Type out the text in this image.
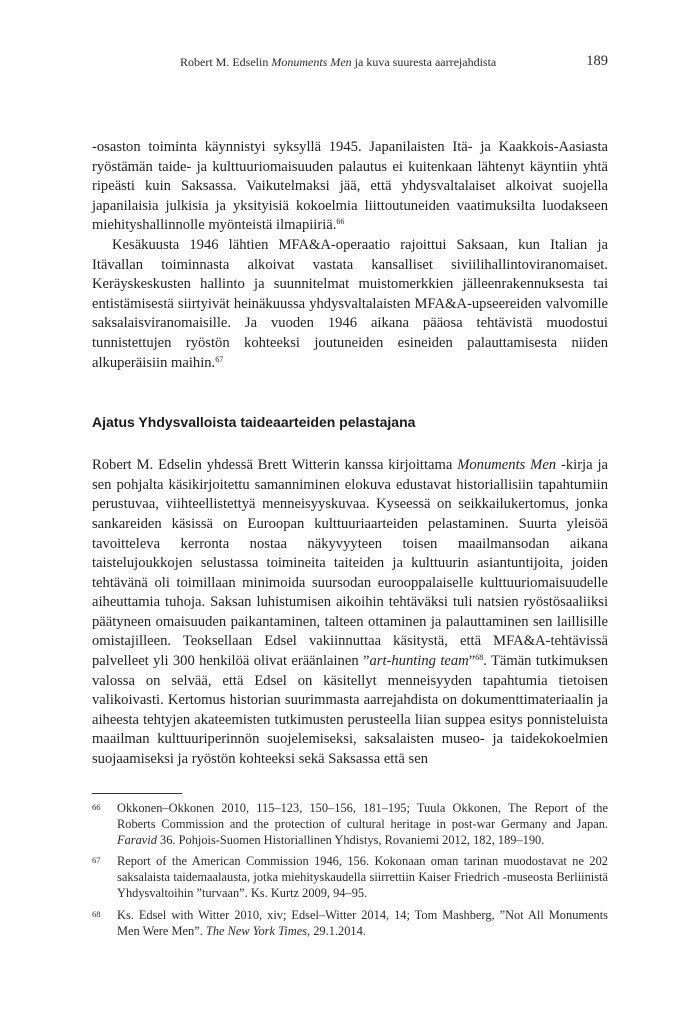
Robert M. Edselin Monuments Men ja kuva suuresta aarrejahdista	189

-osaston toiminta käynnistyi syksyllä 1945. Japanilaisten Itä- ja Kaakkois-Aasiasta ryöstämän taide- ja kulttuuriomaisuuden palautus ei kuitenkaan lähtenyt käyntiin yhtä ripeästi kuin Saksassa. Vaikutelmaksi jää, että yhdysvaltalaiset alkoivat suojella japanilaisia julkisia ja yksityisiä kokoelmia liittoutuneiden vaatimuksilta luodakseen miehityshallinnolle myönteistä ilmapiiriä.$^{66}$

Kesäkuusta 1946 lähtien MFA&A-operaatio rajoittui Saksaan, kun Italian ja Itävallan toiminnasta alkoivat vastata kansalliset siviilihallintoviranomaiset. Keräyskeskusten hallinto ja suunnitelmat muistomerkkien jälleenrakennuksesta tai entistämisestä siirtyivät heinäkuussa yhdysvaltalaisten MFA&A-upseereiden valvomille saksalaisviranomaisille. Ja vuoden 1946 aikana pääosa tehtävistä muodostui tunnistettujen ryöstön kohteeksi joutuneiden esineiden palauttamisesta niiden alkuperäisiin maihin.$^{67}$

Ajatus Yhdysvalloista taideaarteiden pelastajana

Robert M. Edselin yhdessä Brett Witterin kanssa kirjoittama Monuments Men -kirja ja sen pohjalta käsikirjoitettu samanniminen elokuva edustavat historiallisiin tapahtumiin perustuvaa, viihteellistettyä menneisyyskuvaa. Kyseessä on seikkailukertomus, jonka sankareiden käsissä on Euroopan kulttuuriaarteiden pelastaminen. Suurta yleisöä tavoitteleva kerronta nostaa näkyvyyteen toisen maailmansodan aikana taistelujoukkojen selustassa toimineita taiteiden ja kulttuurin asiantuntijoita, joiden tehtävänä oli toimillaan minimoida suursodan eurooppalaiselle kulttuuriomaisuudelle aiheuttamia tuhoja. Saksan luhistumisen aikoihin tehtäväksi tuli natsien ryöstösaaliiksi päätyneen omaisuuden paikantaminen, talteen ottaminen ja palauttaminen sen laillisille omistajilleen. Teoksellaan Edsel vakiinnuttaa käsitystä, että MFA&A-tehtävissä palvelleet yli 300 henkilöä olivat eräänlainen ”art-hunting team”$^{68}$. Tämän tutkimuksen valossa on selvää, että Edsel on käsitellyt menneisyyden tapahtumia tietoisen valikoivasti. Kertomus historian suurimmasta aarrejahdista on dokumenttimateriaalin ja aiheesta tehtyjen akateemisten tutkimusten perusteella liian suppea esitys ponnisteluista maailman kulttuuriperinnön suojelemiseksi, saksalaisten museo- ja taidekokoelmien suojaamiseksi ja ryöstön kohteeksi sekä Saksassa että sen

66 Okkonen–Okkonen 2010, 115–123, 150–156, 181–195; Tuula Okkonen, The Report of the Roberts Commission and the protection of cultural heritage in post-war Germany and Japan. Faravid 36. Pohjois-Suomen Historiallinen Yhdistys, Rovaniemi 2012, 182, 189–190.
67 Report of the American Commission 1946, 156. Kokonaan oman tarinan muodostavat ne 202 saksalaista taidemaalausta, jotka miehityskaudella siirrettiin Kaiser Friedrich -museosta Berliinistä Yhdysvaltoihin ”turvaan”. Ks. Kurtz 2009, 94–95.
68 Ks. Edsel with Witter 2010, xiv; Edsel–Witter 2014, 14; Tom Mashberg, ”Not All Monuments Men Were Men”. The New York Times, 29.1.2014.
